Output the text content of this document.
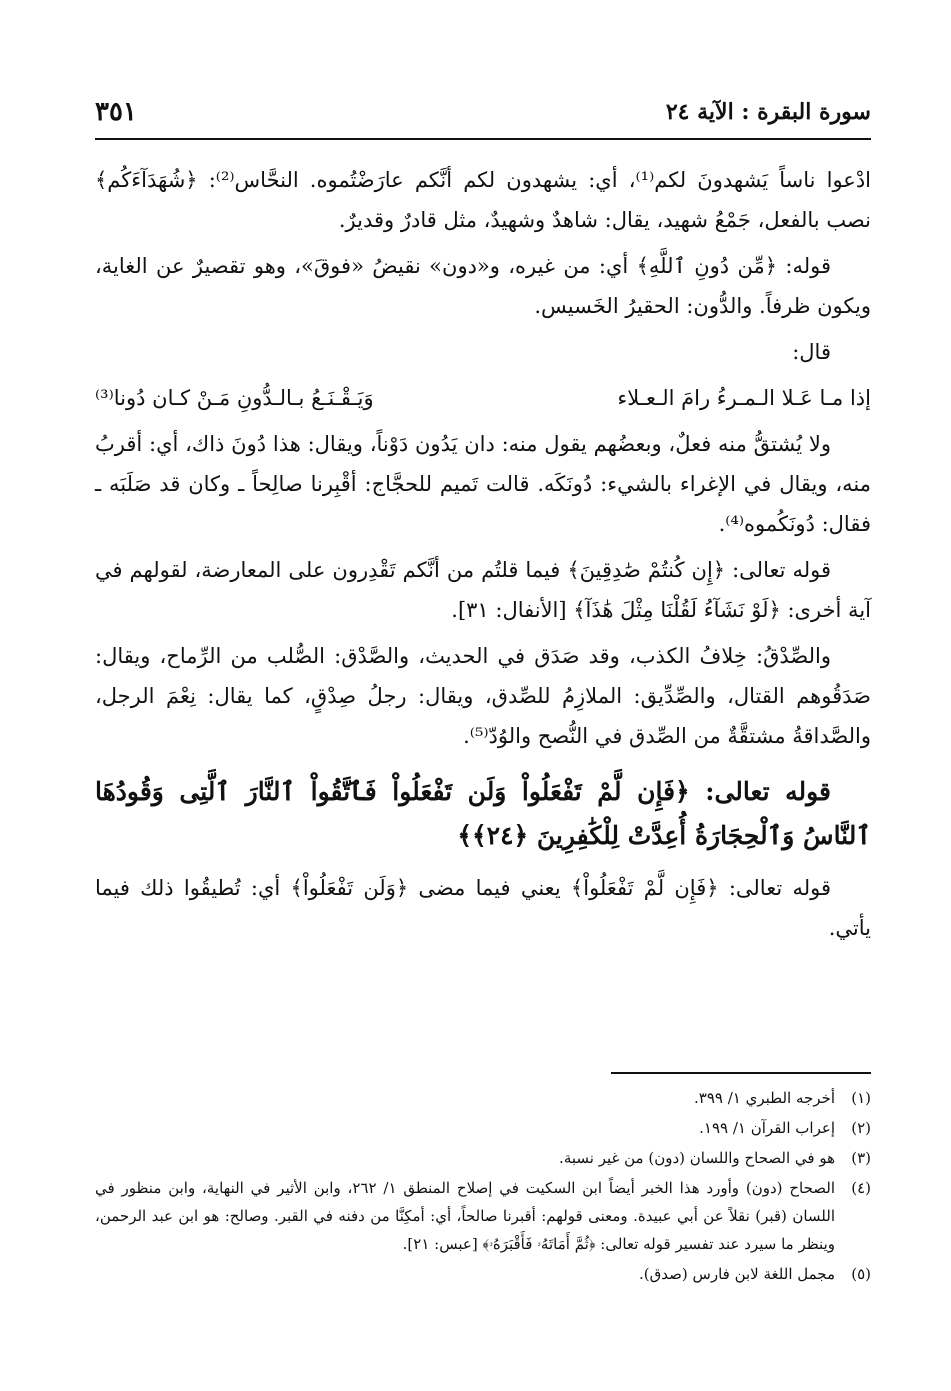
سورة البقرة : الآية ٢٤
٣٥١

ادْعوا ناساً يَشهدونَ لكم⁽¹⁾، أي: يشهدون لكم أنَّكم عارَضْتُموه. النحَّاس⁽²⁾: ﴿شُهَدَآءَكُم﴾ نصب بالفعل، جَمْعُ شهيد، يقال: شاهدٌ وشهيدٌ، مثل قادرٌ وقديرٌ.

قوله: ﴿مِّن دُونِ ٱللَّهِ﴾ أي: من غيره، و«دون» نقيضُ «فوقَ»، وهو تقصيرٌ عن الغاية، ويكون ظرفاً. والدُّون: الحقيرُ الخَسيس.

قال:

إذا مـا عَـلا الـمـرءُ رامَ الـعـلاء
وَيَـقْـنَـعُ بـالـدُّونِ مَـنْ كـان دُونا⁽³⁾

ولا يُشتقُّ منه فعلٌ، وبعضُهم يقول منه: دان يَدُون دَوْناً، ويقال: هذا دُونَ ذاك، أي: أقربُ منه، ويقال في الإغراء بالشيء: دُونَكَه. قالت تَميم للحجَّاج: أقْبِرنا صالِحاً ـ وكان قد صَلَبَه ـ فقال: دُونَكُموه⁽⁴⁾.

قوله تعالى: ﴿إِن كُنتُمْ صَٰدِقِينَ﴾ فيما قلتُم من أنَّكم تَقْدِرون على المعارضة، لقولهم في آية أخرى: ﴿لَوْ نَشَآءُ لَقُلْنَا مِثْلَ هَٰذَآ﴾ [الأنفال: ٣١].

والصِّدْقُ: خِلافُ الكذب، وقد صَدَق في الحديث، والصَّدْق: الصُّلب من الرِّماح، ويقال: صَدَقُوهم القتال، والصِّدِّيق: الملازِمُ للصِّدق، ويقال: رجلُ صِدْقٍ، كما يقال: نِعْمَ الرجل، والصَّداقةُ مشتقَّةٌ من الصِّدق في النُّصح والوُدّ⁽⁵⁾.

قوله تعالى: ﴿فَإِن لَّمْ تَفْعَلُواْ وَلَن تَفْعَلُواْ فَٱتَّقُواْ ٱلنَّارَ ٱلَّتِى وَقُودُهَا ٱلنَّاسُ وَٱلْحِجَارَةُ أُعِدَّتْ لِلْكَٰفِرِينَ ﴿٢٤﴾﴾

قوله تعالى: ﴿فَإِن لَّمْ تَفْعَلُواْ﴾ يعني فيما مضى ﴿وَلَن تَفْعَلُواْ﴾ أي: تُطيقُوا ذلك فيما يأتي.

(١)
أخرجه الطبري ١/ ٣٩٩.
(٢)
إعراب القرآن ١/ ١٩٩.
(٣)
هو في الصحاح واللسان (دون) من غير نسبة.
(٤)
الصحاح (دون) وأورد هذا الخبر أيضاً ابن السكيت في إصلاح المنطق ١/ ٢٦٢، وابن الأثير في النهاية، وابن منظور في اللسان (قبر) نقلاً عن أبي عبيدة. ومعنى قولهم: أقبرنا صالحاً، أي: أمكِنَّا من دفنه في القبر. وصالح: هو ابن عبد الرحمن، وينظر ما سيرد عند تفسير قوله تعالى: ﴿ثُمَّ أَمَاتَهُۥ فَأَقْبَرَهُۥ﴾ [عبس: ٢١].
(٥)
مجمل اللغة لابن فارس (صدق).
